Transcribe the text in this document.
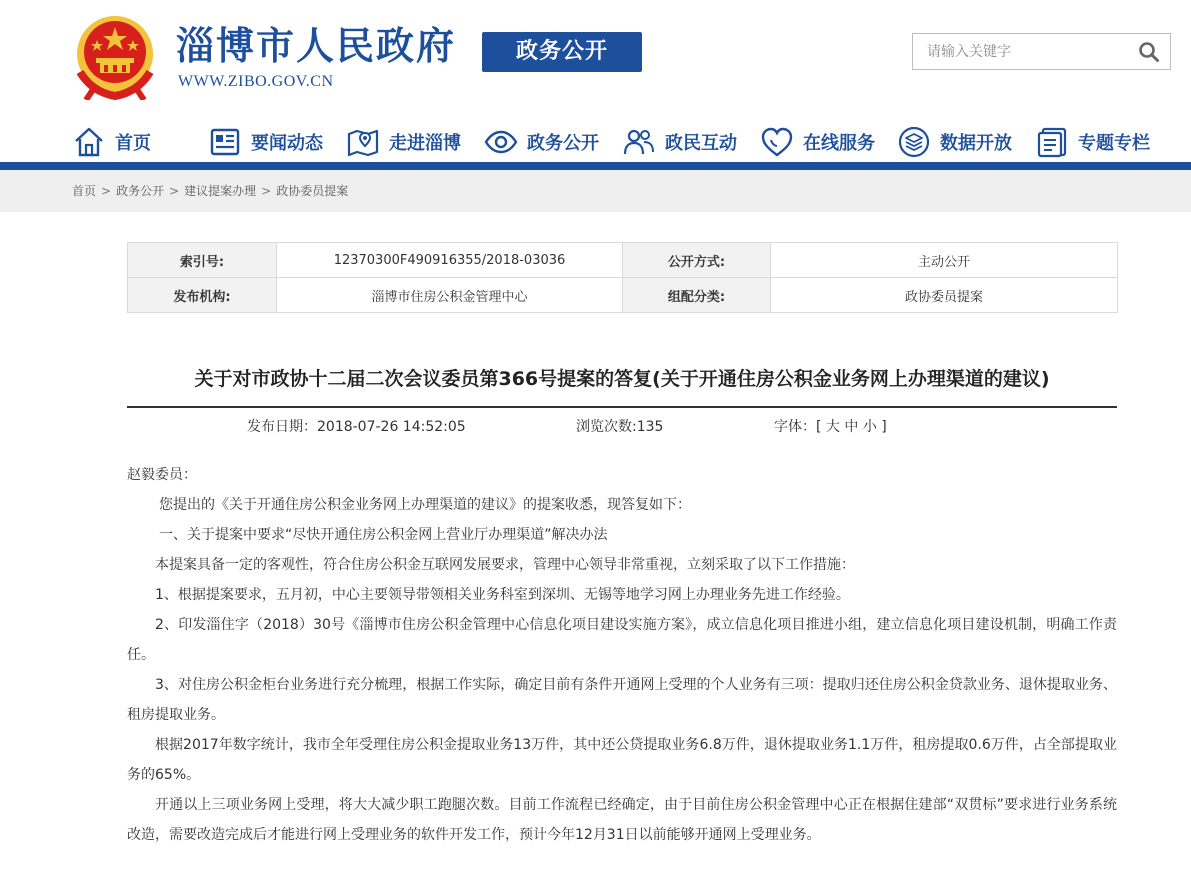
淄博市人民政府
WWW.ZIBO.GOV.CN
政务公开
请输入关键字
首页	要闻动态	走进淄博	政务公开	政民互动	在线服务	数据开放	专题专栏
首页 > 政务公开 > 建议提案办理 > 政协委员提案
索引号:	12370300F490916355/2018-03036	公开方式:	主动公开
发布机构:	淄博市住房公积金管理中心	组配分类:	政协委员提案
关于对市政协十二届二次会议委员第366号提案的答复(关于开通住房公积金业务网上办理渠道的建议)
发布日期：2018-07-26 14:52:05	浏览次数:135	字体：[ 大 中 小 ]

赵毅委员：

您提出的《关于开通住房公积金业务网上办理渠道的建议》的提案收悉，现答复如下：

一、关于提案中要求“尽快开通住房公积金网上营业厅办理渠道”解决办法

本提案具备一定的客观性，符合住房公积金互联网发展要求，管理中心领导非常重视，立刻采取了以下工作措施：

1、根据提案要求，五月初，中心主要领导带领相关业务科室到深圳、无锡等地学习网上办理业务先进工作经验。

2、印发淄住字（2018）30号《淄博市住房公积金管理中心信息化项目建设实施方案》，成立信息化项目推进小组，建立信息化项目建设机制，明确工作责任。

3、对住房公积金柜台业务进行充分梳理，根据工作实际，确定目前有条件开通网上受理的个人业务有三项：提取归还住房公积金贷款业务、退休提取业务、租房提取业务。

根据2017年数字统计，我市全年受理住房公积金提取业务13万件，其中还公贷提取业务6.8万件，退休提取业务1.1万件，租房提取0.6万件，占全部提取业务的65%。

开通以上三项业务网上受理，将大大减少职工跑腿次数。目前工作流程已经确定，由于目前住房公积金管理中心正在根据住建部“双贯标”要求进行业务系统改造，需要改造完成后才能进行网上受理业务的软件开发工作，预计今年12月31日以前能够开通网上受理业务。
